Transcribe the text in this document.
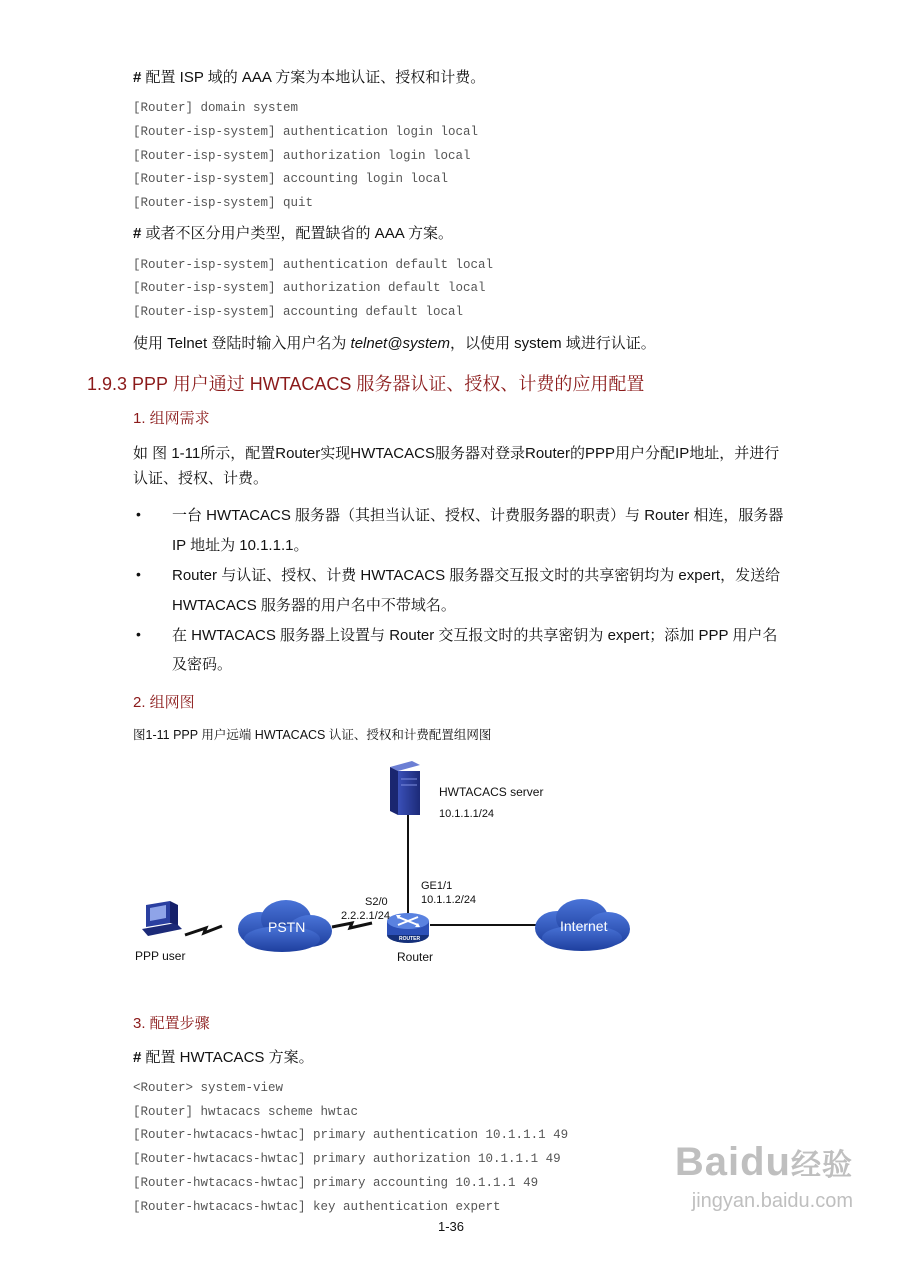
# 配置 ISP 域的 AAA 方案为本地认证、授权和计费。
[Router] domain system
[Router-isp-system] authentication login local
[Router-isp-system] authorization login local
[Router-isp-system] accounting login local
[Router-isp-system] quit
# 或者不区分用户类型，配置缺省的 AAA 方案。
[Router-isp-system] authentication default local
[Router-isp-system] authorization default local
[Router-isp-system] accounting default local
使用 Telnet 登陆时输入用户名为 telnet@system，以使用 system 域进行认证。
1.9.3 PPP 用户通过 HWTACACS 服务器认证、授权、计费的应用配置
1. 组网需求
如 图 1-11所示，配置Router实现HWTACACS服务器对登录Router的PPP用户分配IP地址，并进行
认证、授权、计费。
• 一台 HWTACACS 服务器（其担当认证、授权、计费服务器的职责）与 Router 相连，服务器
IP 地址为 10.1.1.1。
• Router 与认证、授权、计费 HWTACACS 服务器交互报文时的共享密钥均为 expert，发送给
HWTACACS 服务器的用户名中不带域名。
• 在 HWTACACS 服务器上设置与 Router 交互报文时的共享密钥为 expert；添加 PPP 用户名
及密码。
2. 组网图
图1-11 PPP 用户远端 HWTACACS 认证、授权和计费配置组网图
HWTACACS server
10.1.1.1/24
GE1/1
10.1.1.2/24
S2/0
2.2.2.1/24
PSTN	Internet
Router
ROUTER
PPP user
3. 配置步骤
# 配置 HWTACACS 方案。
<Router> system-view
[Router] hwtacacs scheme hwtac
[Router-hwtacacs-hwtac] primary authentication 10.1.1.1 49
[Router-hwtacacs-hwtac] primary authorization 10.1.1.1 49
[Router-hwtacacs-hwtac] primary accounting 10.1.1.1 49
[Router-hwtacacs-hwtac] key authentication expert
1-36
Baidu经验
jingyan.baidu.com
